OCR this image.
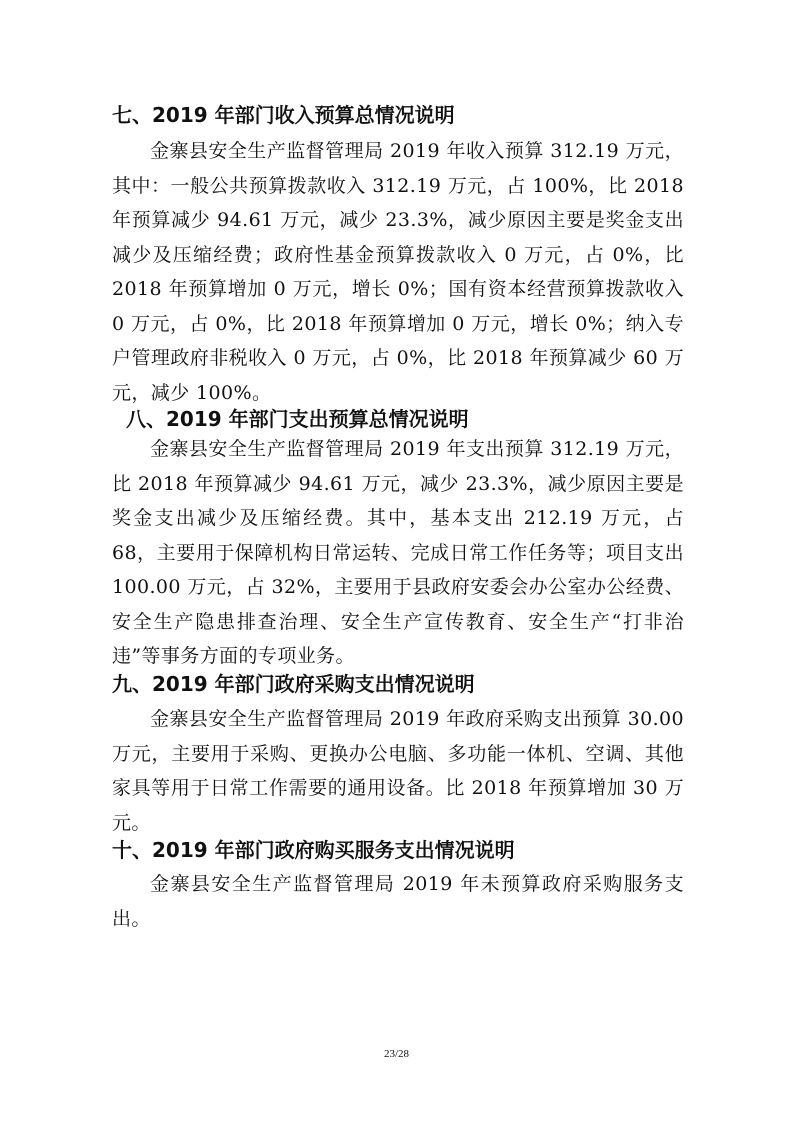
七、2019 年部门收入预算总情况说明

金寨县安全生产监督管理局 2019 年收入预算 312.19 万元，其中：一般公共预算拨款收入 312.19 万元，占 100%，比 2018 年预算减少 94.61 万元，减少 23.3%，减少原因主要是奖金支出减少及压缩经费；政府性基金预算拨款收入 0 万元，占 0%，比 2018 年预算增加 0 万元，增长 0%；国有资本经营预算拨款收入 0 万元，占 0%，比 2018 年预算增加 0 万元，增长 0%；纳入专户管理政府非税收入 0 万元，占 0%，比 2018 年预算减少 60 万元，减少 100%。

八、2019 年部门支出预算总情况说明

金寨县安全生产监督管理局 2019 年支出预算 312.19 万元，比 2018 年预算减少 94.61 万元，减少 23.3%，减少原因主要是奖金支出减少及压缩经费。其中，基本支出 212.19 万元，占 68，主要用于保障机构日常运转、完成日常工作任务等；项目支出 100.00 万元，占 32%，主要用于县政府安委会办公室办公经费、安全生产隐患排查治理、安全生产宣传教育、安全生产“打非治违”等事务方面的专项业务。

九、2019 年部门政府采购支出情况说明

金寨县安全生产监督管理局 2019 年政府采购支出预算 30.00 万元，主要用于采购、更换办公电脑、多功能一体机、空调、其他家具等用于日常工作需要的通用设备。比 2018 年预算增加 30 万元。

十、2019 年部门政府购买服务支出情况说明

金寨县安全生产监督管理局 2019 年未预算政府采购服务支出。

23/28
